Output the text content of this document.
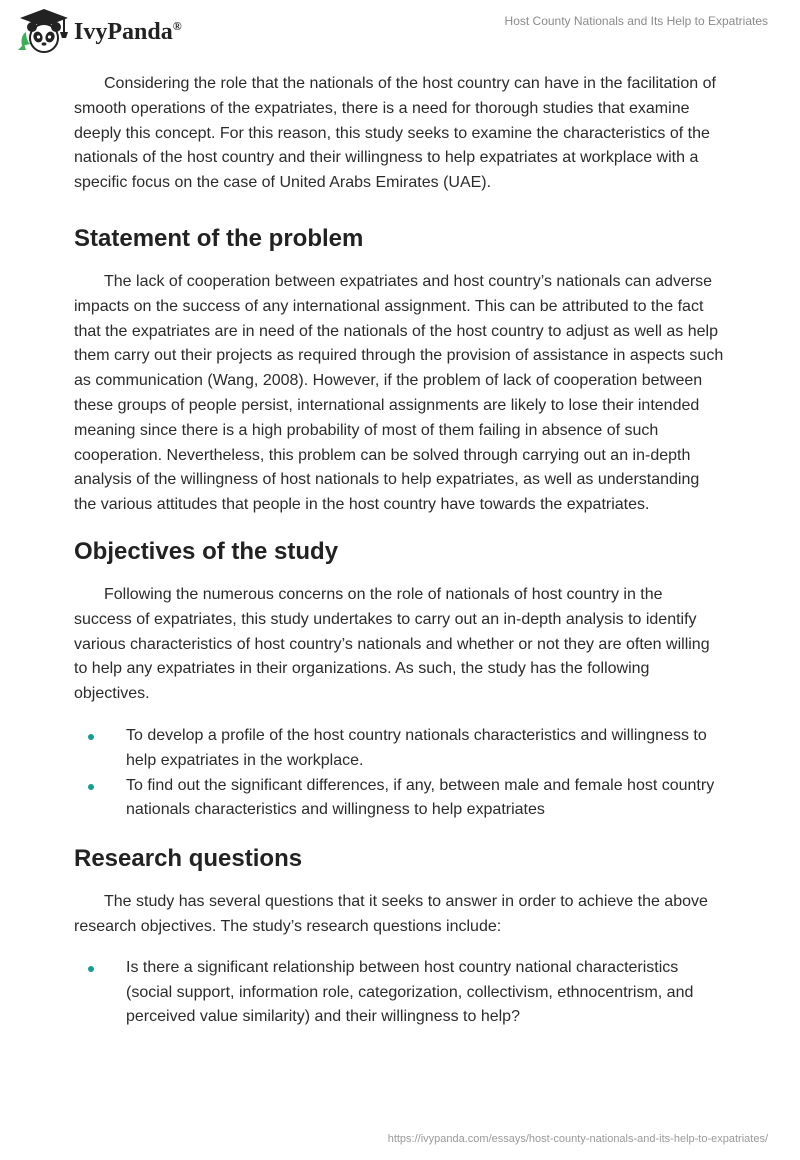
IvyPanda®	Host County Nationals and Its Help to Expatriates

Considering the role that the nationals of the host country can have in the facilitation of smooth operations of the expatriates, there is a need for thorough studies that examine deeply this concept. For this reason, this study seeks to examine the characteristics of the nationals of the host country and their willingness to help expatriates at workplace with a specific focus on the case of United Arabs Emirates (UAE).

Statement of the problem

The lack of cooperation between expatriates and host country’s nationals can adverse impacts on the success of any international assignment. This can be attributed to the fact that the expatriates are in need of the nationals of the host country to adjust as well as help them carry out their projects as required through the provision of assistance in aspects such as communication (Wang, 2008). However, if the problem of lack of cooperation between these groups of people persist, international assignments are likely to lose their intended meaning since there is a high probability of most of them failing in absence of such cooperation. Nevertheless, this problem can be solved through carrying out an in-depth analysis of the willingness of host nationals to help expatriates, as well as understanding the various attitudes that people in the host country have towards the expatriates.

Objectives of the study

Following the numerous concerns on the role of nationals of host country in the success of expatriates, this study undertakes to carry out an in-depth analysis to identify various characteristics of host country’s nationals and whether or not they are often willing to help any expatriates in their organizations. As such, the study has the following objectives.

To develop a profile of the host country nationals characteristics and willingness to help expatriates in the workplace.
To find out the significant differences, if any, between male and female host country nationals characteristics and willingness to help expatriates
Research questions

The study has several questions that it seeks to answer in order to achieve the above research objectives. The study’s research questions include:

Is there a significant relationship between host country national characteristics (social support, information role, categorization, collectivism, ethnocentrism, and perceived value similarity) and their willingness to help?
https://ivypanda.com/essays/host-county-nationals-and-its-help-to-expatriates/
